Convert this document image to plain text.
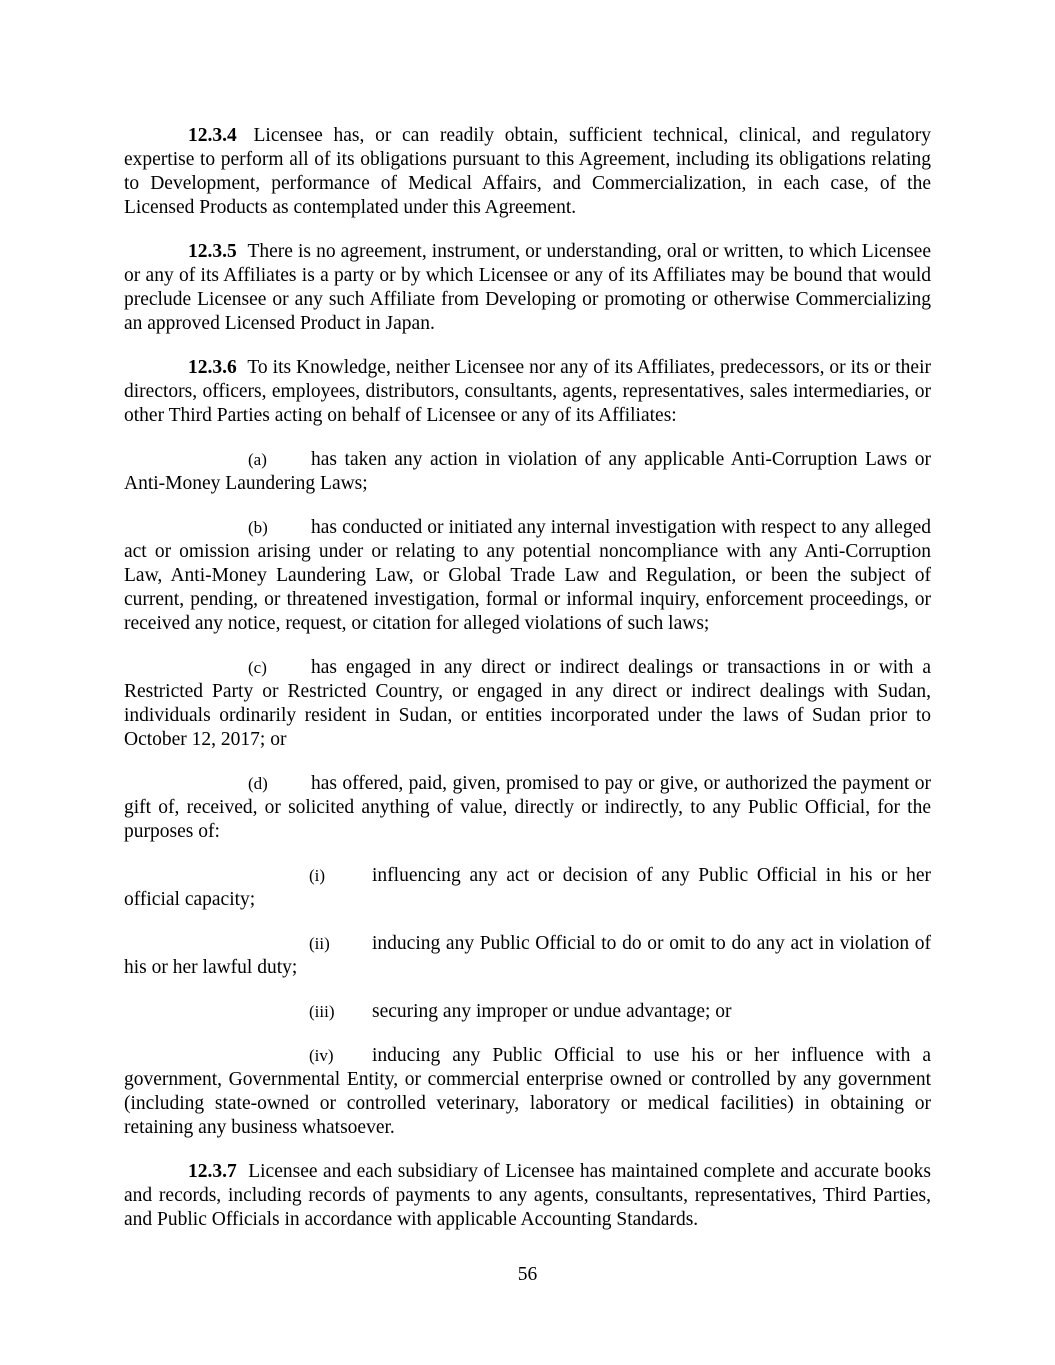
12.3.4 Licensee has, or can readily obtain, sufficient technical, clinical, and regulatory expertise to perform all of its obligations pursuant to this Agreement, including its obligations relating to Development, performance of Medical Affairs, and Commercialization, in each case, of the Licensed Products as contemplated under this Agreement.

12.3.5 There is no agreement, instrument, or understanding, oral or written, to which Licensee or any of its Affiliates is a party or by which Licensee or any of its Affiliates may be bound that would preclude Licensee or any such Affiliate from Developing or promoting or otherwise Commercializing an approved Licensed Product in Japan.

12.3.6 To its Knowledge, neither Licensee nor any of its Affiliates, predecessors, or its or their directors, officers, employees, distributors, consultants, agents, representatives, sales intermediaries, or other Third Parties acting on behalf of Licensee or any of its Affiliates:

(a) has taken any action in violation of any applicable Anti-Corruption Laws or Anti-Money Laundering Laws;

(b) has conducted or initiated any internal investigation with respect to any alleged act or omission arising under or relating to any potential noncompliance with any Anti-Corruption Law, Anti-Money Laundering Law, or Global Trade Law and Regulation, or been the subject of current, pending, or threatened investigation, formal or informal inquiry, enforcement proceedings, or received any notice, request, or citation for alleged violations of such laws;

(c) has engaged in any direct or indirect dealings or transactions in or with a Restricted Party or Restricted Country, or engaged in any direct or indirect dealings with Sudan, individuals ordinarily resident in Sudan, or entities incorporated under the laws of Sudan prior to October 12, 2017; or

(d) has offered, paid, given, promised to pay or give, or authorized the payment or gift of, received, or solicited anything of value, directly or indirectly, to any Public Official, for the purposes of:

(i) influencing any act or decision of any Public Official in his or her official capacity;

(ii) inducing any Public Official to do or omit to do any act in violation of his or her lawful duty;

(iii) securing any improper or undue advantage; or

(iv) inducing any Public Official to use his or her influence with a government, Governmental Entity, or commercial enterprise owned or controlled by any government (including state-owned or controlled veterinary, laboratory or medical facilities) in obtaining or retaining any business whatsoever.

12.3.7 Licensee and each subsidiary of Licensee has maintained complete and accurate books and records, including records of payments to any agents, consultants, representatives, Third Parties, and Public Officials in accordance with applicable Accounting Standards.

56
